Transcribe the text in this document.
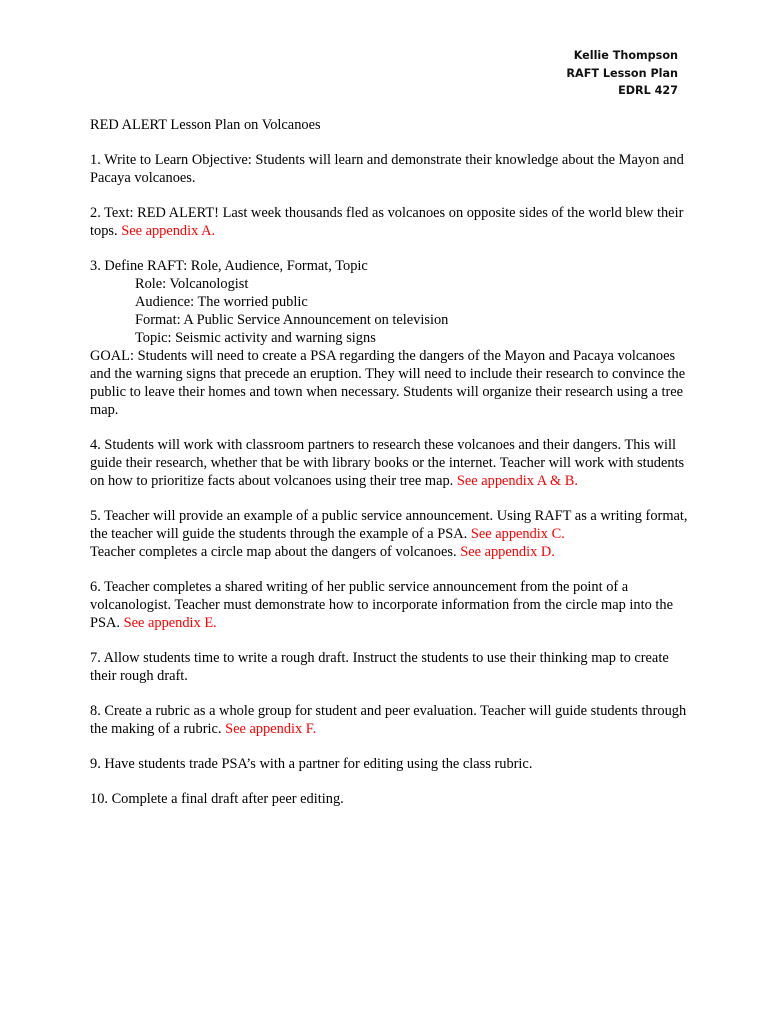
Kellie Thompson
RAFT Lesson Plan
EDRL 427

RED ALERT Lesson Plan on Volcanoes

1. Write to Learn Objective: Students will learn and demonstrate their knowledge about the Mayon and Pacaya volcanoes.

2. Text: RED ALERT! Last week thousands fled as volcanoes on opposite sides of the world blew their tops. See appendix A.

3. Define RAFT: Role, Audience, Format, Topic
Role: Volcanologist
Audience: The worried public
Format: A Public Service Announcement on television
Topic: Seismic activity and warning signs
GOAL: Students will need to create a PSA regarding the dangers of the Mayon and Pacaya volcanoes and the warning signs that precede an eruption. They will need to include their research to convince the public to leave their homes and town when necessary. Students will organize their research using a tree map.

4. Students will work with classroom partners to research these volcanoes and their dangers. This will guide their research, whether that be with library books or the internet. Teacher will work with students on how to prioritize facts about volcanoes using their tree map. See appendix A & B.

5. Teacher will provide an example of a public service announcement. Using RAFT as a writing format, the teacher will guide the students through the example of a PSA. See appendix C.
Teacher completes a circle map about the dangers of volcanoes. See appendix D.

6. Teacher completes a shared writing of her public service announcement from the point of a volcanologist. Teacher must demonstrate how to incorporate information from the circle map into the PSA. See appendix E.

7. Allow students time to write a rough draft. Instruct the students to use their thinking map to create their rough draft.

8. Create a rubric as a whole group for student and peer evaluation. Teacher will guide students through the making of a rubric. See appendix F.

9. Have students trade PSA’s with a partner for editing using the class rubric.

10. Complete a final draft after peer editing.
